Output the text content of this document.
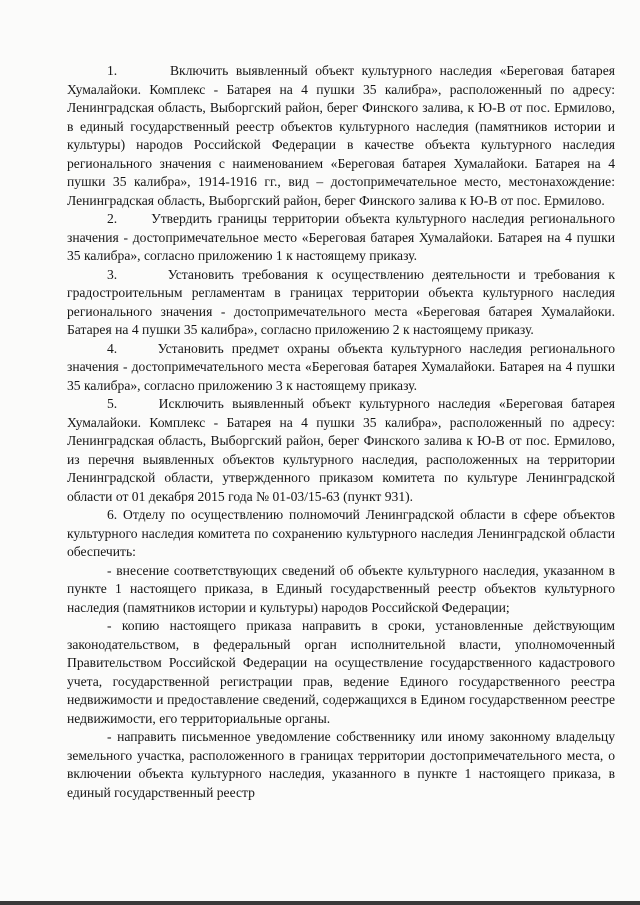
1.       Включить выявленный объект культурного наследия «Береговая батарея Хумалайоки. Комплекс - Батарея на 4 пушки 35 калибра», расположенный по адресу: Ленинградская область, Выборгский район, берег Финского залива, к Ю-В от пос. Ермилово, в единый государственный реестр объектов культурного наследия (памятников истории и культуры) народов Российской Федерации в качестве объекта культурного наследия регионального значения с наименованием «Береговая батарея Хумалайоки. Батарея на 4 пушки 35 калибра», 1914-1916 гг., вид – достопримечательное место, местонахождение: Ленинградская область, Выборгский район, берег Финского залива к Ю-В от пос. Ермилово.

2.      Утвердить границы территории объекта культурного наследия регионального значения - достопримечательное место «Береговая батарея Хумалайоки. Батарея на 4 пушки 35 калибра», согласно приложению 1 к настоящему приказу.

3.      Установить требования к осуществлению деятельности и требования к градостроительным регламентам в границах территории объекта культурного наследия регионального значения - достопримечательного места «Береговая батарея Хумалайоки. Батарея на 4 пушки 35 калибра», согласно приложению 2 к настоящему приказу.

4.     Установить предмет охраны объекта культурного наследия регионального значения - достопримечательного места «Береговая батарея Хумалайоки. Батарея на 4 пушки 35 калибра», согласно приложению 3 к настоящему приказу.

5.     Исключить выявленный объект культурного наследия «Береговая батарея Хумалайоки. Комплекс - Батарея на 4 пушки 35 калибра», расположенный по адресу: Ленинградская область, Выборгский район, берег Финского залива к Ю-В от пос. Ермилово, из перечня выявленных объектов культурного наследия, расположенных на территории Ленинградской области, утвержденного приказом комитета по культуре Ленинградской области от 01 декабря 2015 года № 01-03/15-63 (пункт 931).

6. Отделу по осуществлению полномочий Ленинградской области в сфере объектов культурного наследия комитета по сохранению культурного наследия Ленинградской области обеспечить:

- внесение соответствующих сведений об объекте культурного наследия, указанном в пункте 1 настоящего приказа, в Единый государственный реестр объектов культурного наследия (памятников истории и культуры) народов Российской Федерации;

- копию настоящего приказа направить в сроки, установленные действующим законодательством, в федеральный орган исполнительной власти, уполномоченный Правительством Российской Федерации на осуществление государственного кадастрового учета, государственной регистрации прав, ведение Единого государственного реестра недвижимости и предоставление сведений, содержащихся в Едином государственном реестре недвижимости, его территориальные органы.

- направить письменное уведомление собственнику или иному законному владельцу земельного участка, расположенного в границах территории достопримечательного места, о включении объекта культурного наследия, указанного в пункте 1 настоящего приказа, в единый государственный реестр
